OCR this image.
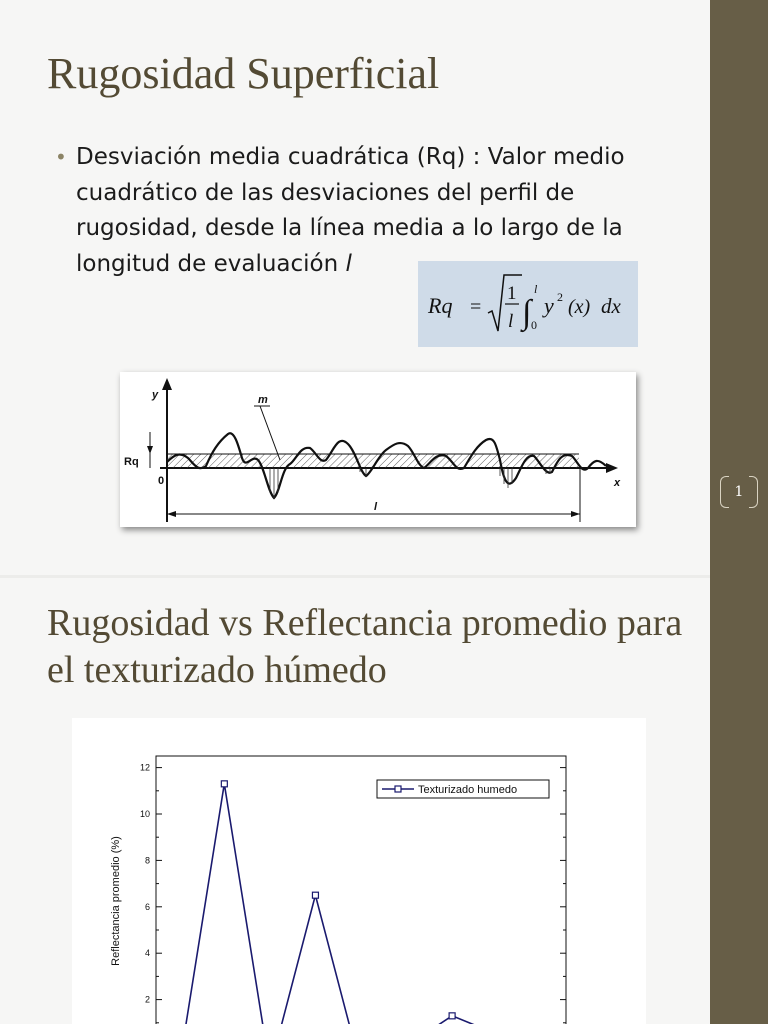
Rugosidad Superficial
• Desviación media cuadrática (Rq) : Valor medio cuadrático de las desviaciones del perfil de rugosidad, desde la línea media a lo largo de la longitud de evaluación l
Rq =
1
l ∫
l
0
y 2 (x) dx
y	m
Rq
0	x
l
Rugosidad vs Reflectancia promedio para el texturizado húmedo
2
4
6
8
10
12
Reflectancia promedio (%)
Texturizado humedo
1
